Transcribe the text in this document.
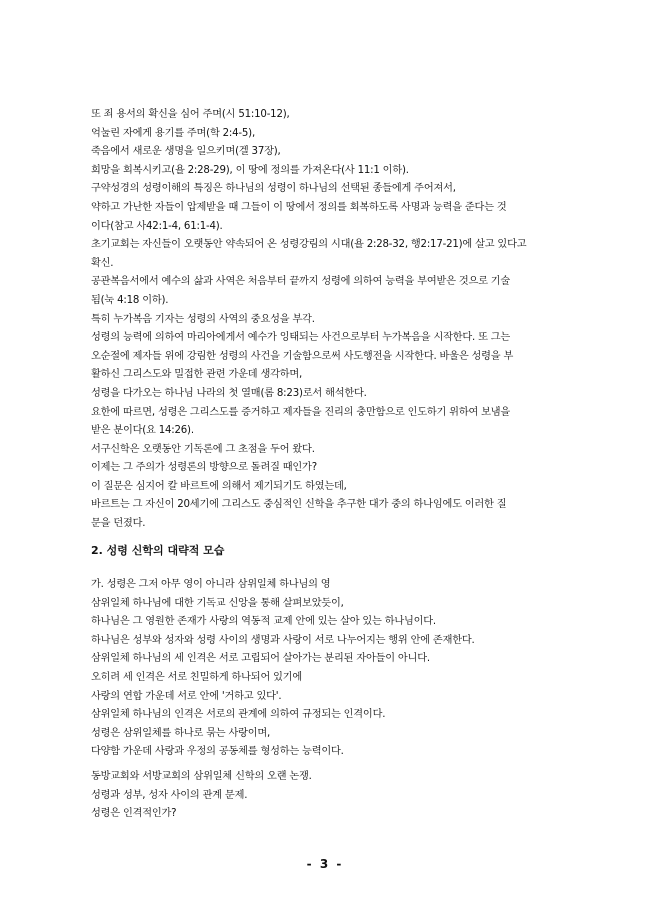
또 죄 용서의 확신을 심어 주며(시 51:10-12),
억눌린 자에게 용기를 주며(학 2:4-5),
죽음에서 새로운 생명을 일으키며(겔 37장),
희망을 회복시키고(욜 2:28-29), 이 땅에 정의를 가져온다(사 11:1 이하).
구약성경의 성령이해의 특징은 하나님의 성령이 하나님의 선택된 종들에게 주어져서,
약하고 가난한 자들이 압제받을 때 그들이 이 땅에서 정의를 회복하도록 사명과 능력을 준다는 것
이다(참고 사42:1-4, 61:1-4).
초기교회는 자신들이 오랫동안 약속되어 온 성령강림의 시대(욜 2:28-32, 행2:17-21)에 살고 있다고
확신.
공관복음서에서 예수의 삶과 사역은 처음부터 끝까지 성령에 의하여 능력을 부여받은 것으로 기술
됨(눅 4:18 이하).
특히 누가복음 기자는 성령의 사역의 중요성을 부각.
성령의 능력에 의하여 마리아에게서 예수가 잉태되는 사건으로부터 누가복음을 시작한다. 또 그는
오순절에 제자들 위에 강림한 성령의 사건을 기술함으로써 사도행전을 시작한다. 바울은 성령을 부
활하신 그리스도와 밀접한 관련 가운데 생각하며,
성령을 다가오는 하나님 나라의 첫 열매(롬 8:23)로서 해석한다.
요한에 따르면, 성령은 그리스도를 증거하고 제자들을 진리의 충만함으로 인도하기 위하여 보냄을
받은 분이다(요 14:26).
서구신학은 오랫동안 기독론에 그 초점을 두어 왔다.
이제는 그 주의가 성령론의 방향으로 돌려질 때인가?
이 질문은 심지어 칼 바르트에 의해서 제기되기도 하였는데,
바르트는 그 자신이 20세기에 그리스도 중심적인 신학을 추구한 대가 중의 하나임에도 이러한 질
문을 던졌다.
2. 성령 신학의 대략적 모습
가. 성령은 그저 아무 영이 아니라 삼위일체 하나님의 영
삼위일체 하나님에 대한 기독교 신앙을 통해 살펴보았듯이,
하나님은 그 영원한 존재가 사랑의 역동적 교제 안에 있는 살아 있는 하나님이다.
하나님은 성부와 성자와 성령 사이의 생명과 사랑이 서로 나누어지는 행위 안에 존재한다.
삼위일체 하나님의 세 인격은 서로 고립되어 살아가는 분리된 자아들이 아니다.
오히려 세 인격은 서로 친밀하게 하나되어 있기에
사랑의 연합 가운데 서로 안에 '거하고 있다'.
삼위일체 하나님의 인격은 서로의 관계에 의하여 규정되는 인격이다.
성령은 삼위일체를 하나로 묶는 사랑이며,
다양함 가운데 사랑과 우정의 공동체를 형성하는 능력이다.
동방교회와 서방교회의 삼위일체 신학의 오랜 논쟁.
성령과 성부, 성자 사이의 관계 문제.
성령은 인격적인가?
- 3 -
